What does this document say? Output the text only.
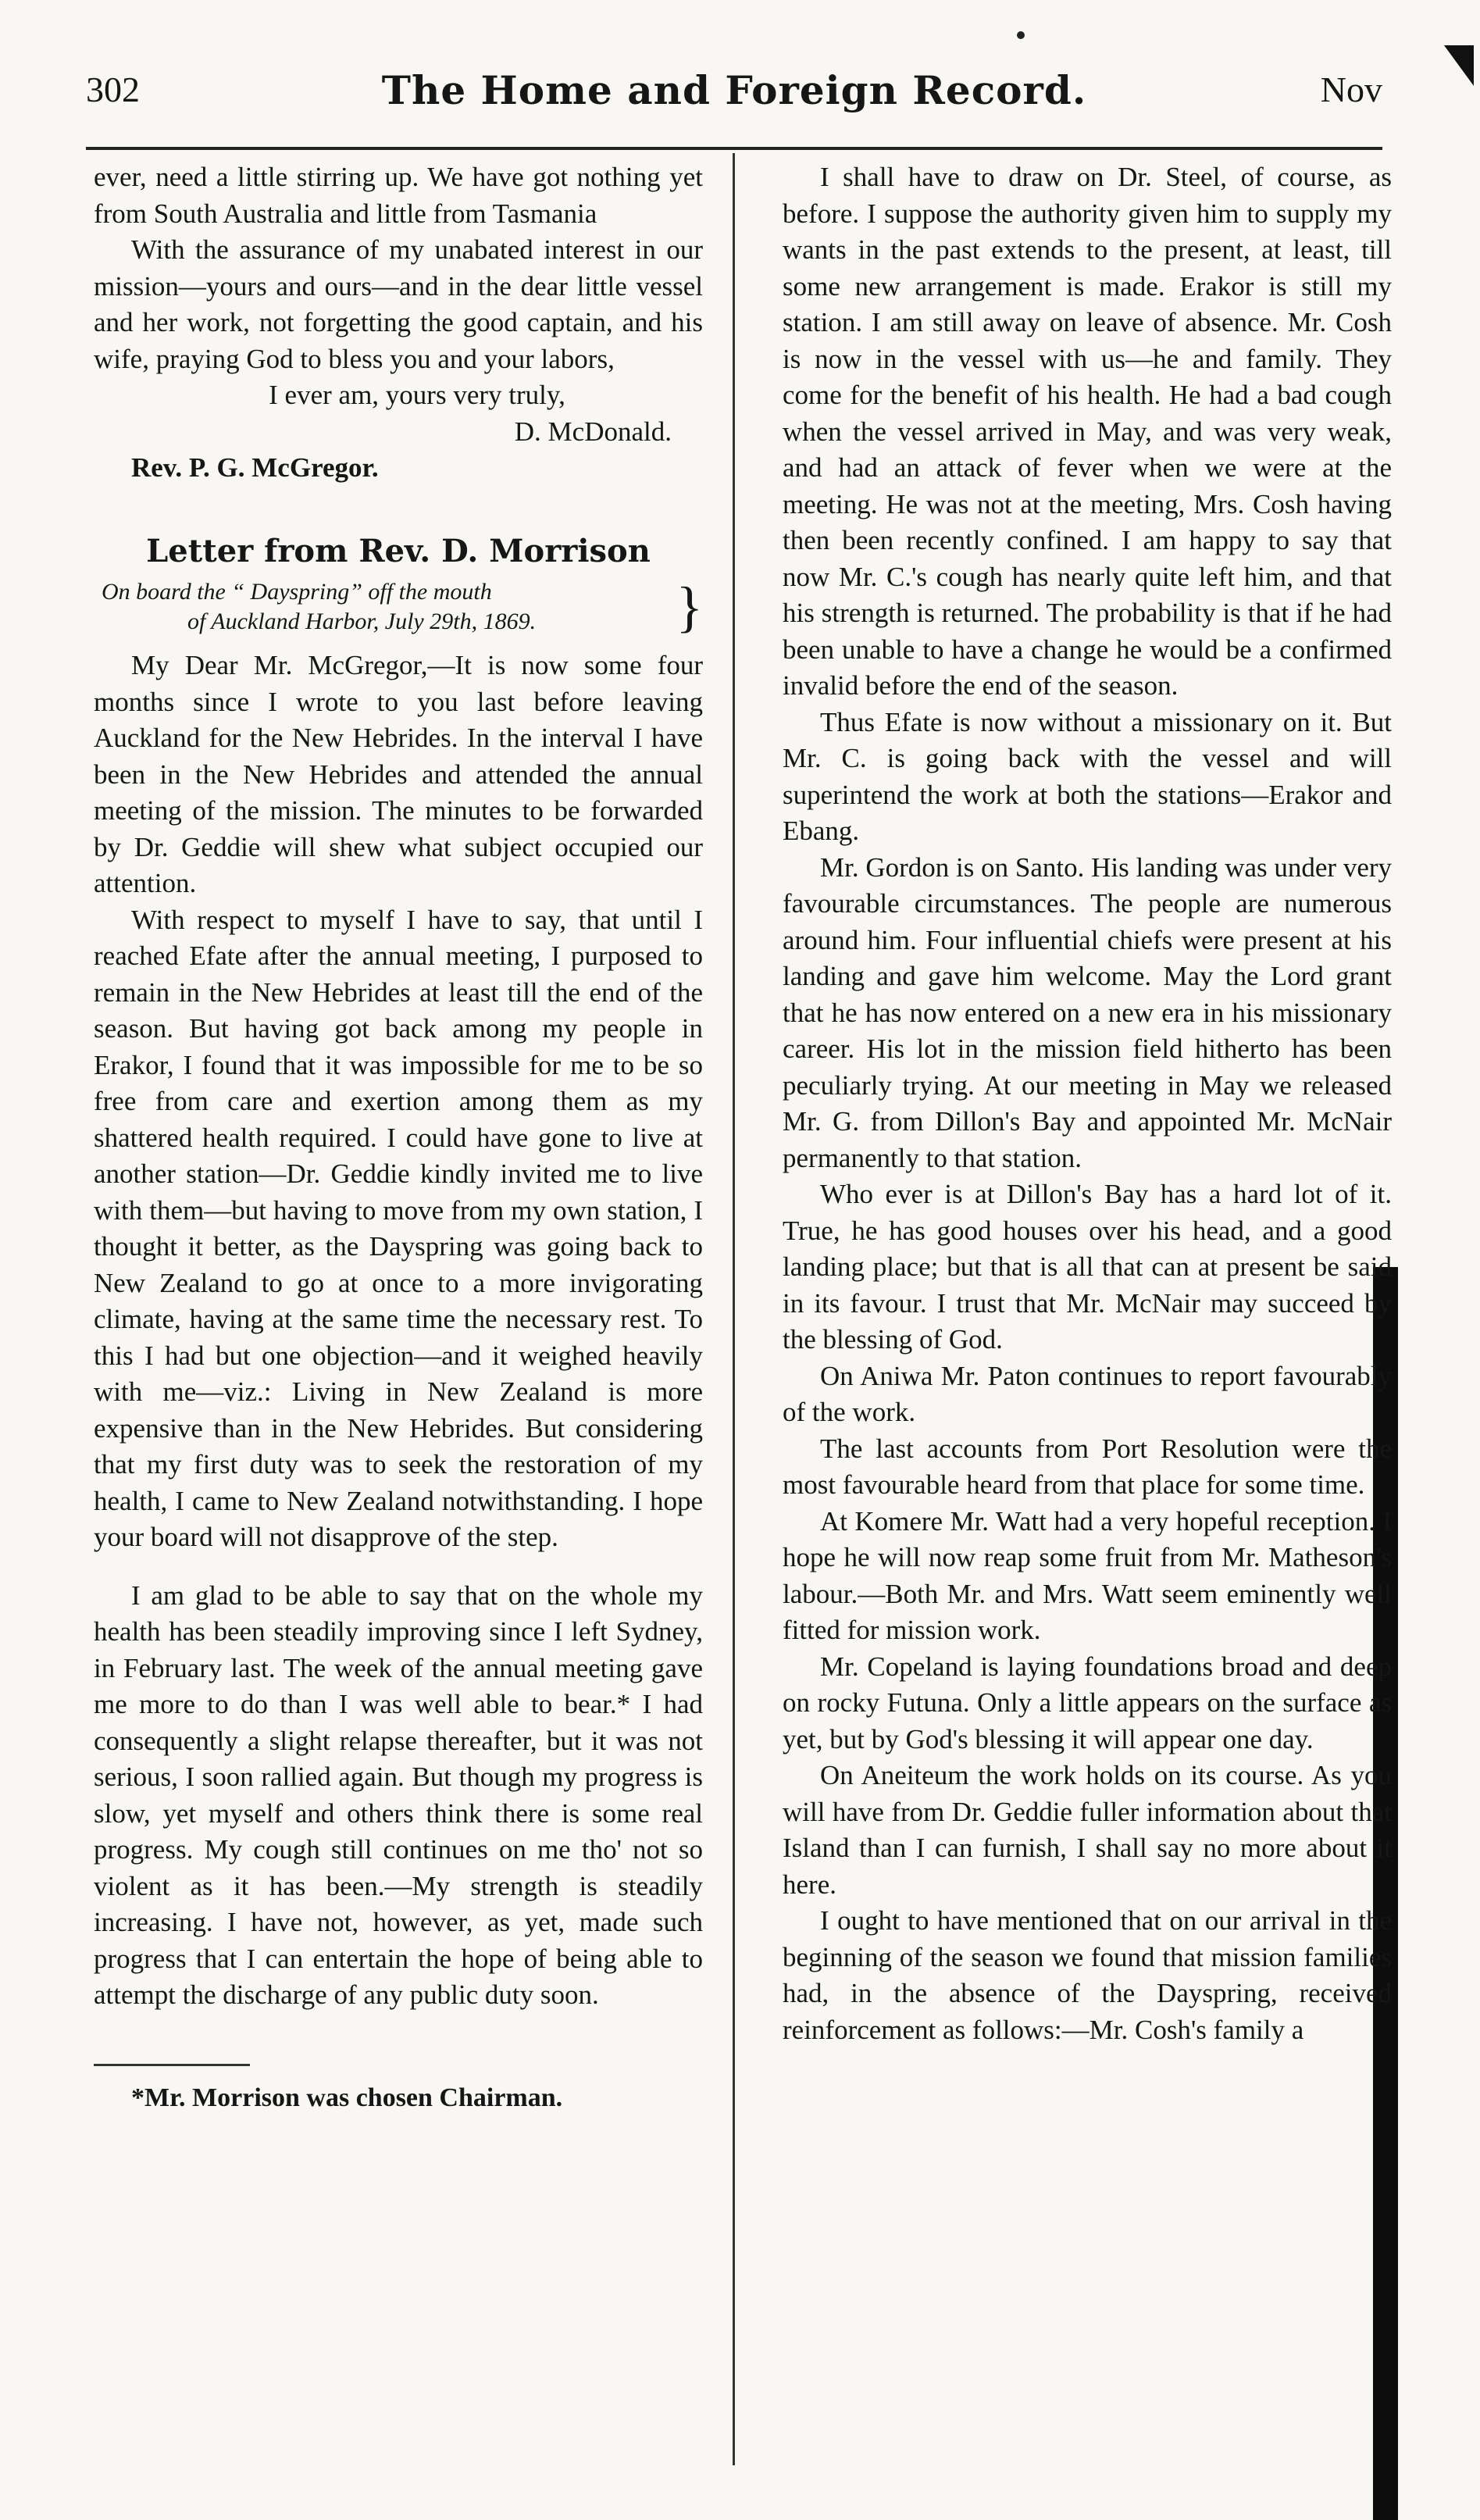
302	The Home and Foreign Record.	Nov

ever, need a little stirring up. We have got nothing yet from South Australia and little from Tasmania

With the assurance of my unabated interest in our mission—yours and ours—and in the dear little vessel and her work, not forgetting the good captain, and his wife, praying God to bless you and your labors,

I ever am, yours very truly,

D. McDonald.

Rev. P. G. McGregor.

Letter from Rev. D. Morrison
On board the “ Dayspring” off the mouth
of Auckland Harbor, July 29th, 1869.	}

My Dear Mr. McGregor,—It is now some four months since I wrote to you last before leaving Auckland for the New Hebrides. In the interval I have been in the New Hebrides and attended the annual meeting of the mission. The minutes to be forwarded by Dr. Geddie will shew what subject occupied our attention.

With respect to myself I have to say, that until I reached Efate after the annual meeting, I purposed to remain in the New Hebrides at least till the end of the season. But having got back among my people in Erakor, I found that it was impossible for me to be so free from care and exertion among them as my shattered health required. I could have gone to live at another station—Dr. Geddie kindly invited me to live with them—but having to move from my own station, I thought it better, as the Dayspring was going back to New Zealand to go at once to a more invigorating climate, having at the same time the necessary rest. To this I had but one objection—and it weighed heavily with me—viz.: Living in New Zealand is more expensive than in the New Hebrides. But considering that my first duty was to seek the restoration of my health, I came to New Zealand notwithstanding. I hope your board will not disapprove of the step.

I am glad to be able to say that on the whole my health has been steadily improving since I left Sydney, in February last. The week of the annual meeting gave me more to do than I was well able to bear.* I had consequently a slight relapse thereafter, but it was not serious, I soon rallied again. But though my progress is slow, yet myself and others think there is some real progress. My cough still continues on me tho' not so violent as it has been.—My strength is steadily increasing. I have not, however, as yet, made such progress that I can entertain the hope of being able to attempt the discharge of any public duty soon.

*Mr. Morrison was chosen Chairman.

I shall have to draw on Dr. Steel, of course, as before. I suppose the authority given him to supply my wants in the past extends to the present, at least, till some new arrangement is made. Erakor is still my station. I am still away on leave of absence. Mr. Cosh is now in the vessel with us—he and family. They come for the benefit of his health. He had a bad cough when the vessel arrived in May, and was very weak, and had an attack of fever when we were at the meeting. He was not at the meeting, Mrs. Cosh having then been recently confined. I am happy to say that now Mr. C.'s cough has nearly quite left him, and that his strength is returned. The probability is that if he had been unable to have a change he would be a confirmed invalid before the end of the season.

Thus Efate is now without a missionary on it. But Mr. C. is going back with the vessel and will superintend the work at both the stations—Erakor and Ebang.

Mr. Gordon is on Santo. His landing was under very favourable circumstances. The people are numerous around him. Four influential chiefs were present at his landing and gave him welcome. May the Lord grant that he has now entered on a new era in his missionary career. His lot in the mission field hitherto has been peculiarly trying. At our meeting in May we released Mr. G. from Dillon's Bay and appointed Mr. McNair permanently to that station.

Who ever is at Dillon's Bay has a hard lot of it. True, he has good houses over his head, and a good landing place; but that is all that can at present be said in its favour. I trust that Mr. McNair may succeed by the blessing of God.

On Aniwa Mr. Paton continues to report favourably of the work.

The last accounts from Port Resolution were the most favourable heard from that place for some time.

At Komere Mr. Watt had a very hopeful reception. I hope he will now reap some fruit from Mr. Matheson's labour.—Both Mr. and Mrs. Watt seem eminently well fitted for mission work.

Mr. Copeland is laying foundations broad and deep on rocky Futuna. Only a little appears on the surface as yet, but by God's blessing it will appear one day.

On Aneiteum the work holds on its course. As you will have from Dr. Geddie fuller information about that Island than I can furnish, I shall say no more about it here.

I ought to have mentioned that on our arrival in the beginning of the season we found that mission families had, in the absence of the Dayspring, received reinforcement as follows:—Mr. Cosh's family a
